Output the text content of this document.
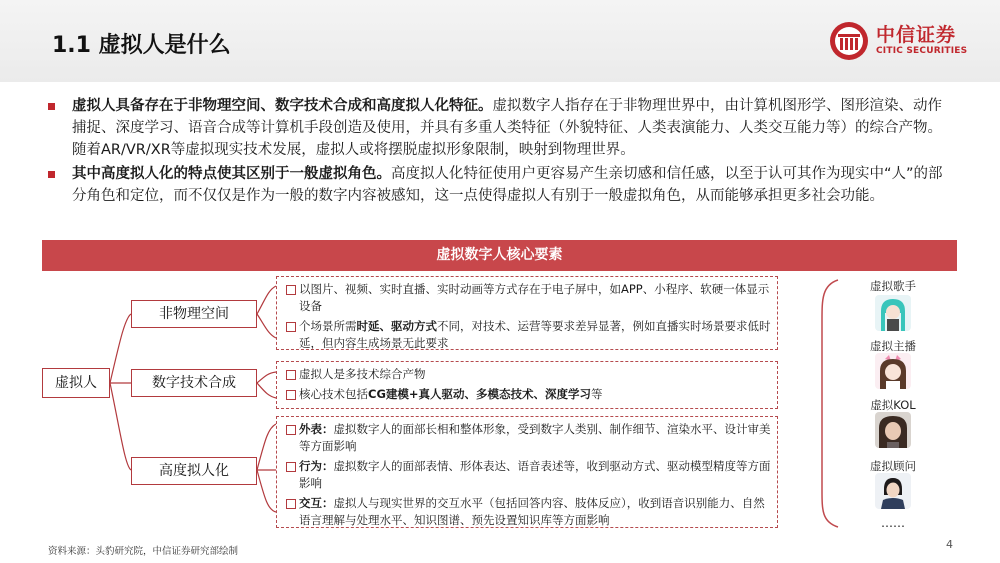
1.1 虚拟人是什么	中信证券
CITIC SECURITIES
虚拟人具备存在于非物理空间、数字技术合成和高度拟人化特征。虚拟数字人指存在于非物理世界中，由计算机图形学、图形渲染、动作捕捉、深度学习、语音合成等计算机手段创造及使用，并具有多重人类特征（外貌特征、人类表演能力、人类交互能力等）的综合产物。随着AR/VR/XR等虚拟现实技术发展，虚拟人或将摆脱虚拟形象限制，映射到物理世界。
其中高度拟人化的特点使其区别于一般虚拟角色。高度拟人化特征使用户更容易产生亲切感和信任感，以至于认可其作为现实中“人”的部分角色和定位，而不仅仅是作为一般的数字内容被感知，这一点使得虚拟人有别于一般虚拟角色，从而能够承担更多社会功能。
虚拟数字人核心要素
虚拟人
非物理空间
数字技术合成
高度拟人化
以图片、视频、实时直播、实时动画等方式存在于电子屏中，如APP、小程序、软硬一体显示设备
个场景所需时延、驱动方式不同，对技术、运营等要求差异显著，例如直播实时场景要求低时延，但内容生成场景无此要求
虚拟人是多技术综合产物
核心技术包括CG建模+真人驱动、多模态技术、深度学习等
外表：虚拟数字人的面部长相和整体形象，受到数字人类别、制作细节、渲染水平、设计审美等方面影响
行为：虚拟数字人的面部表情、形体表达、语音表述等，收到驱动方式、驱动模型精度等方面影响
交互：虚拟人与现实世界的交互水平（包括回答内容、肢体反应），收到语音识别能力、自然语言理解与处理水平、知识图谱、预先设置知识库等方面影响
虚拟歌手
虚拟主播
虚拟KOL
虚拟顾问
……
资料来源：头豹研究院，中信证券研究部绘制
4
